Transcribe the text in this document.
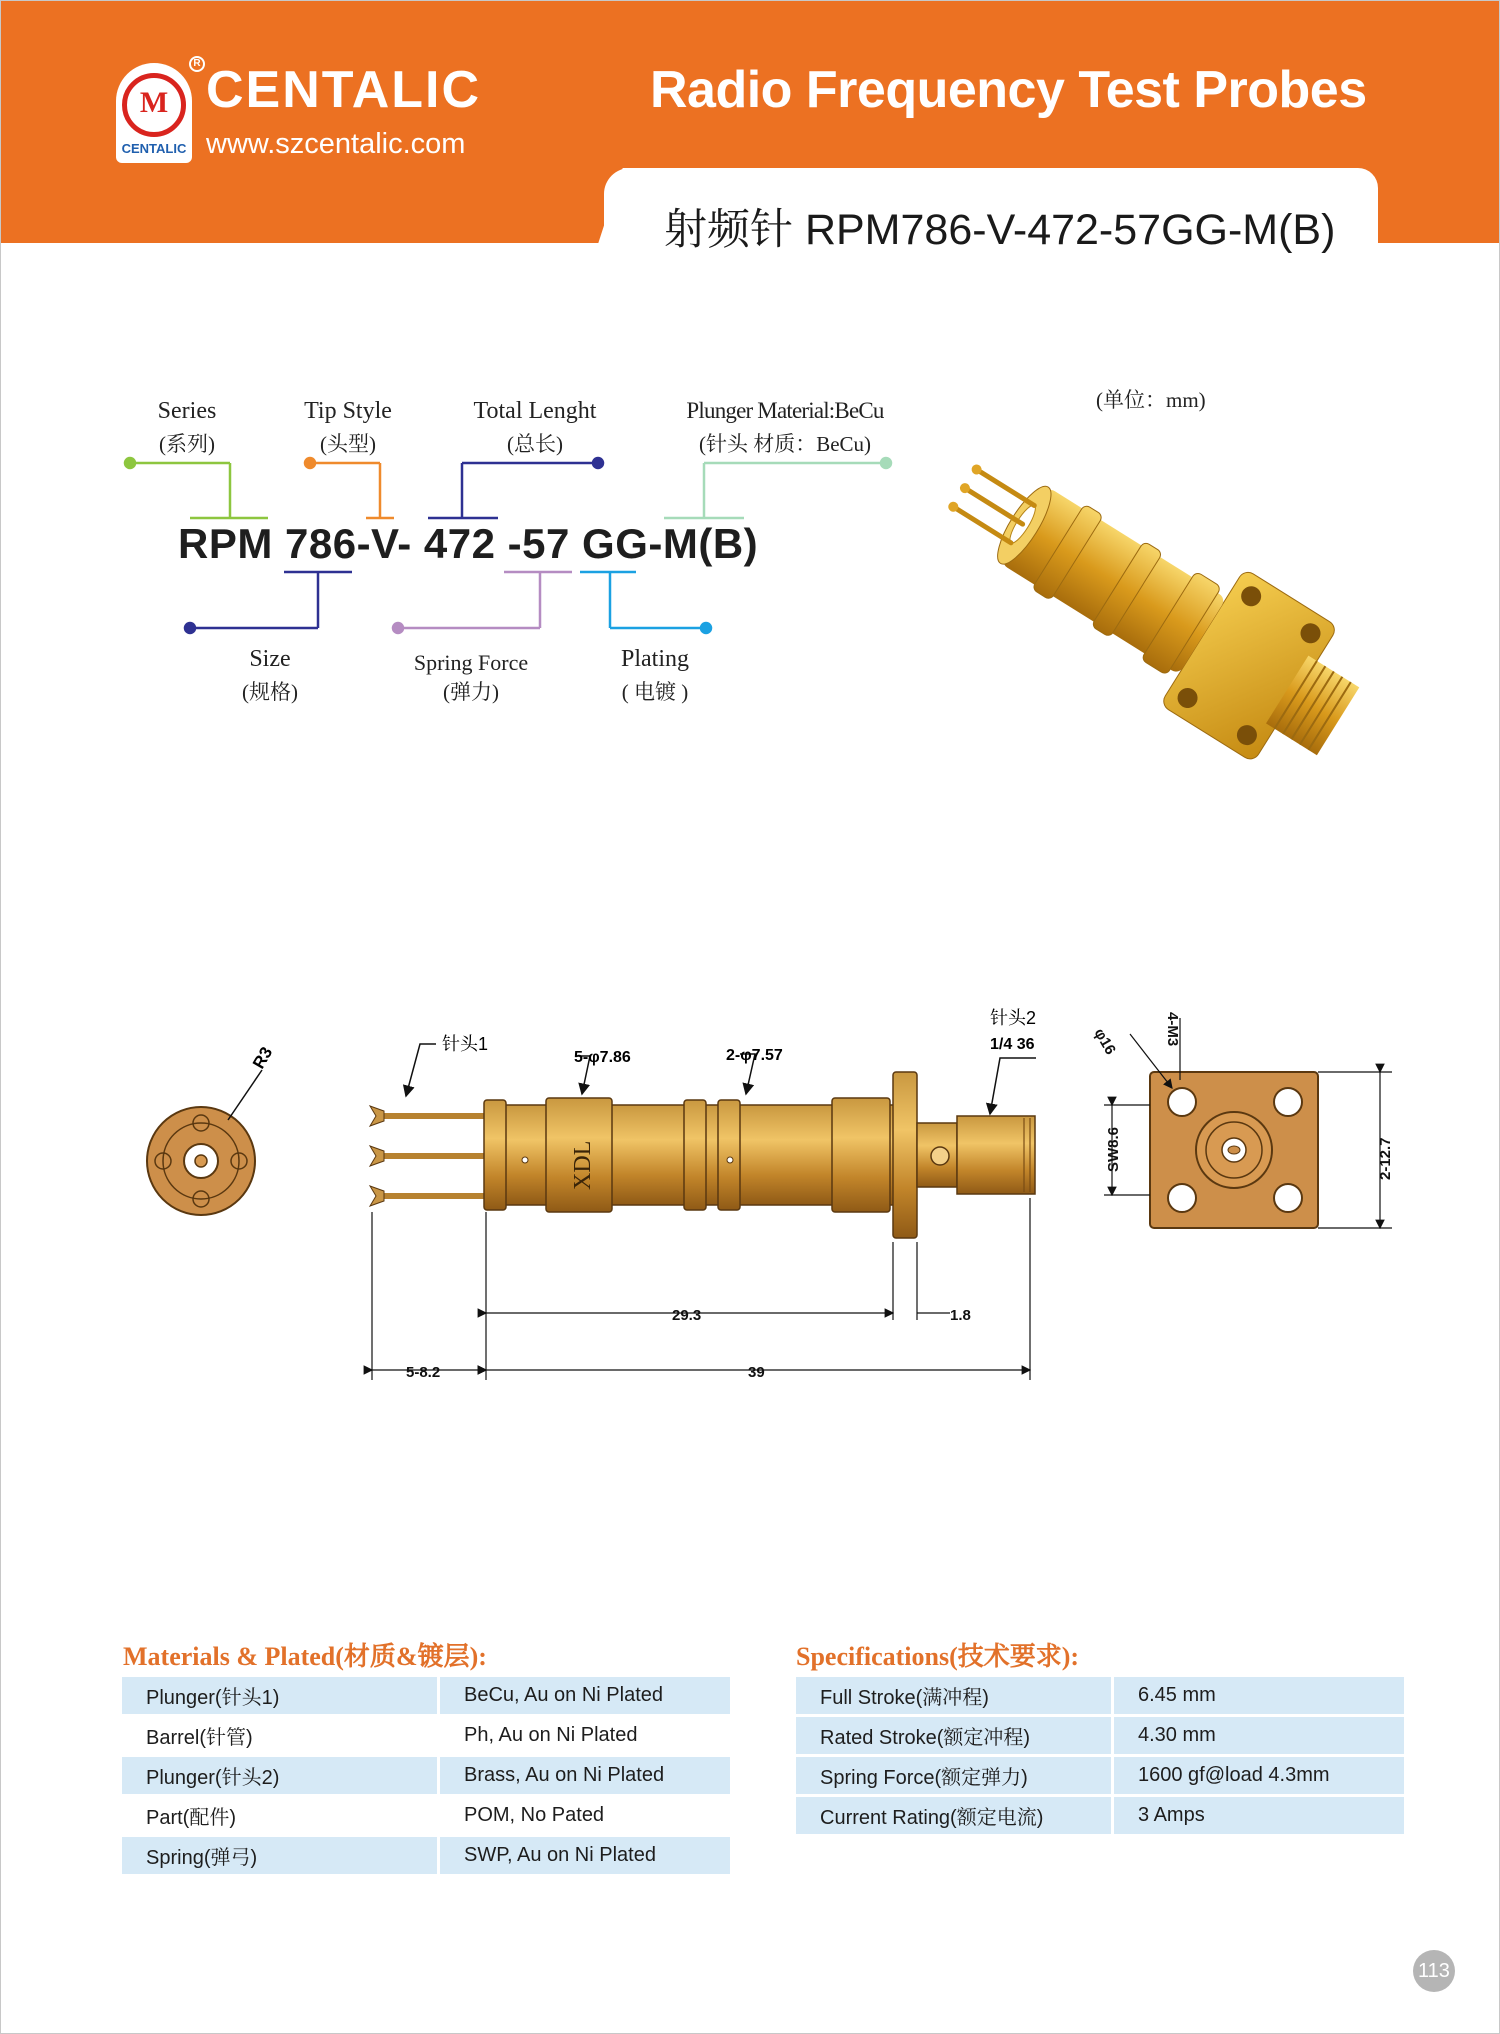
M
CENTALIC
R CENTALIC
www.szcentalic.com
Radio Frequency Test Probes
射频针 RPM786-V-472-57GG-M(B)
Series
(系列)
Tip Style
(头型)
Total Lenght
(总长)
Plunger Material:BeCu
(针头 材质：BeCu)
RPM 786-V- 472 -57 GG-M(B)
Size
(规格)
Spring Force
(弹力)
Plating
( 电镀 )
(单位：mm)
R3
XDL
针头1
5-φ7.86	2-φ7.57
针头2
1/4 36
29.3	1.8
5-8.2	39
φ16	4-M3
SW8.6	2-12.7
Materials & Plated(材质&镀层):
Plunger(针头1)	BeCu, Au on Ni Plated
Barrel(针管)	Ph, Au on Ni Plated
Plunger(针头2)	Brass, Au on Ni Plated
Part(配件)	POM, No Pated
Spring(弹弓)	SWP, Au on Ni Plated
Specifications(技术要求):
Full Stroke(满冲程)	6.45 mm
Rated Stroke(额定冲程)	4.30 mm
Spring Force(额定弹力)	1600 gf@load 4.3mm
Current Rating(额定电流)	3 Amps
113
